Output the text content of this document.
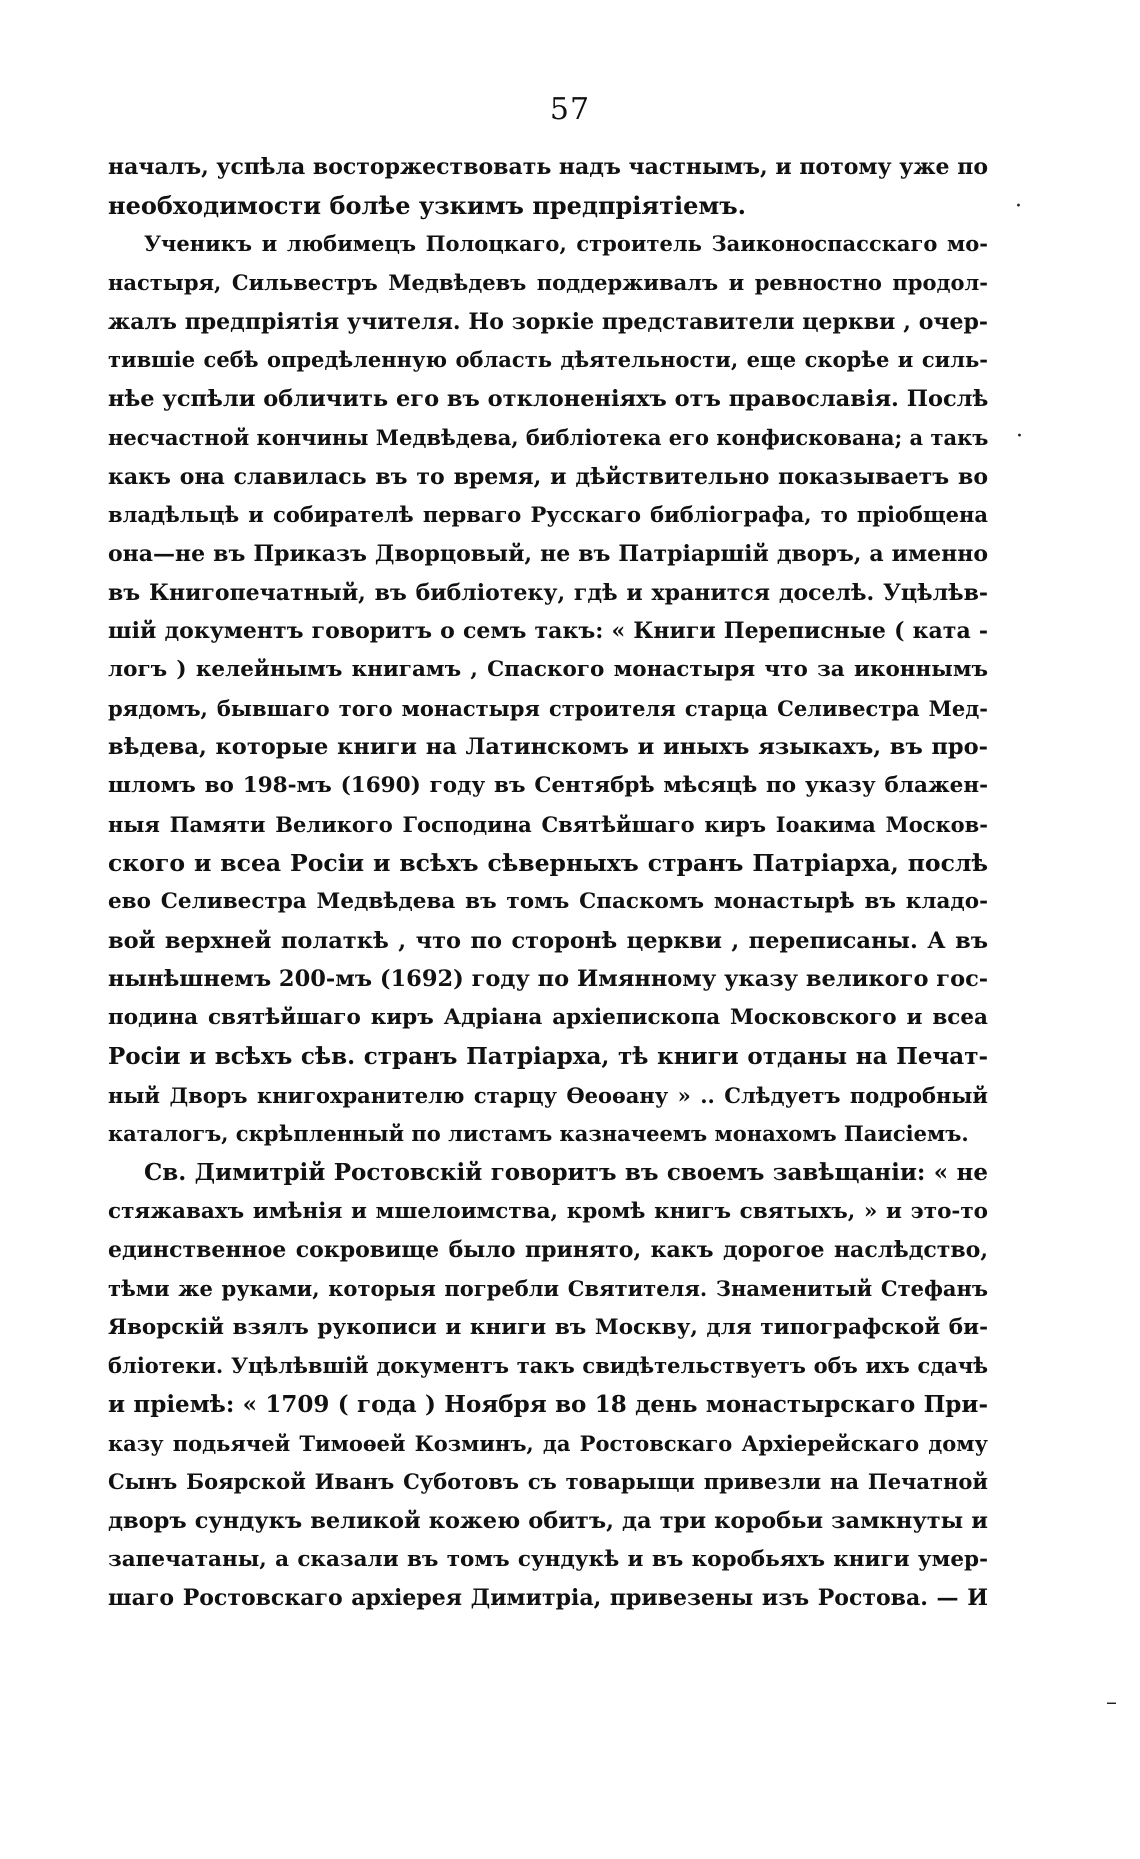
57
началъ, успѣла восторжествовать надъ частнымъ, и потому уже по
необходимости болѣе узкимъ предпріятіемъ.
Ученикъ и любимецъ Полоцкаго, строитель Заиконоспасскаго мо-
настыря, Сильвестръ Медвѣдевъ поддерживалъ и ревностно продол-
жалъ предпріятія учителя. Но зоркіе представители церкви , очер-
тившіе себѣ опредѣленную область дѣятельности, еще скорѣе и силь-
нѣе успѣли обличить его въ отклоненіяхъ отъ православія. Послѣ
несчастной кончины Медвѣдева, библіотека его конфискована; а такъ
какъ она славилась въ то время, и дѣйствительно показываетъ во
владѣльцѣ и собирателѣ перваго Русскаго библіографа, то пріобщена
она—не въ Приказъ Дворцовый, не въ Патріаршій дворъ, а именно
въ Книгопечатный, въ библіотеку, гдѣ и хранится доселѣ. Уцѣлѣв-
шій документъ говоритъ о семъ такъ: « Книги Переписные ( ката -
логъ ) келейнымъ книгамъ , Спаского монастыря что за иконнымъ
рядомъ, бывшаго того монастыря строителя старца Селивестра Мед-
вѣдева, которые книги на Латинскомъ и иныхъ языкахъ, въ про-
шломъ во 198-мъ (1690) году въ Сентябрѣ мѣсяцѣ по указу блажен-
ныя Памяти Великого Господина Святѣйшаго киръ Іоакима Москов-
ского и всеа Росіи и всѣхъ сѣверныхъ странъ Патріарха, послѣ
ево Селивестра Медвѣдева въ томъ Спаскомъ монастырѣ въ кладо-
вой верхней полаткѣ , что по сторонѣ церкви , переписаны. А въ
нынѣшнемъ 200-мъ (1692) году по Имянному указу великого гос-
подина святѣйшаго киръ Адріана архіепископа Московского и всеа
Росіи и всѣхъ сѣв. странъ Патріарха, тѣ книги отданы на Печат-
ный Дворъ книгохранителю старцу Ѳеоѳану » .. Слѣдуетъ подробный
каталогъ, скрѣпленный по листамъ казначеемъ монахомъ Паисіемъ.
Св. Димитрій Ростовскій говоритъ въ своемъ завѣщаніи: « не
стяжавахъ имѣнія и мшелоимства, кромѣ книгъ святыхъ, » и это-то
единственное сокровище было принято, какъ дорогое наслѣдство,
тѣми же руками, которыя погребли Святителя. Знаменитый Стефанъ
Яворскій взялъ рукописи и книги въ Москву, для типографской би-
бліотеки. Уцѣлѣвшій документъ такъ свидѣтельствуетъ объ ихъ сдачѣ
и пріемѣ: « 1709 ( года ) Ноября во 18 день монастырскаго При-
казу подьячей Тимоѳей Козминъ, да Ростовскаго Архіерейскаго дому
Сынъ Боярской Иванъ Суботовъ съ товарыщи привезли на Печатной
дворъ сундукъ великой кожею обитъ, да три коробьи замкнуты и
запечатаны, а сказали въ томъ сундукѣ и въ коробьяхъ книги умер-
шаго Ростовскаго архіерея Димитріа, привезены изъ Ростова. — И
·
·
–
